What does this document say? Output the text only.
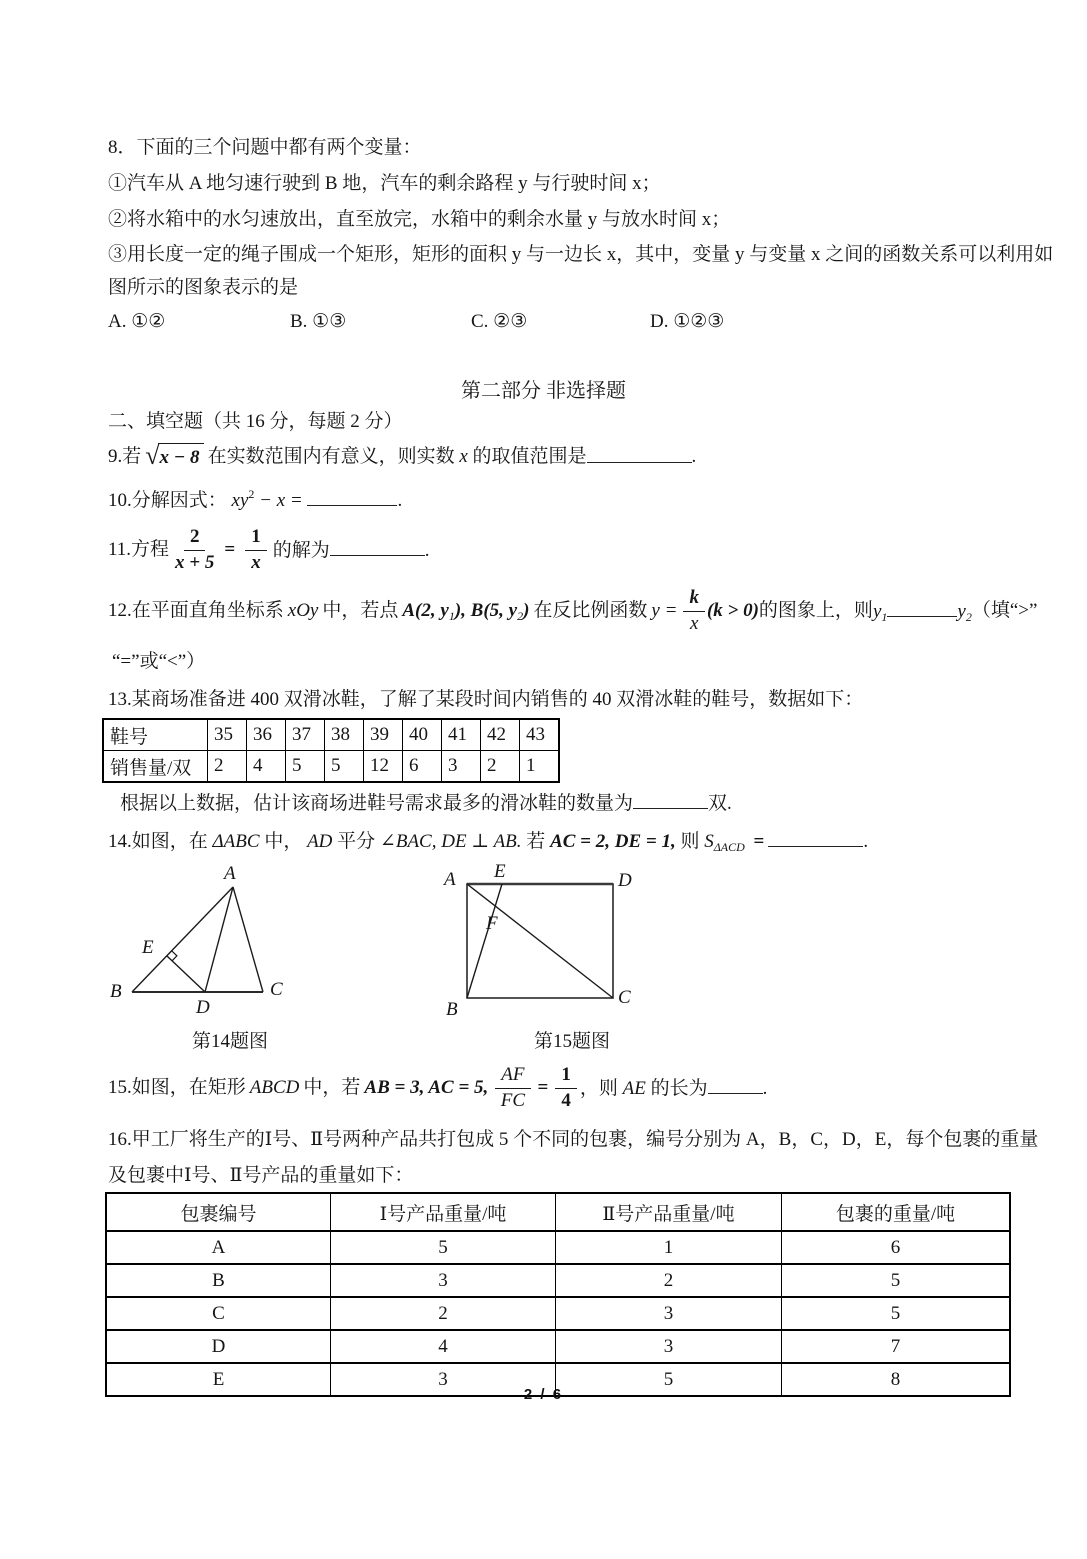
8．下面的三个问题中都有两个变量：
①汽车从 A 地匀速行驶到 B 地，汽车的剩余路程 y 与行驶时间 x；
②将水箱中的水匀速放出，直至放完，水箱中的剩余水量 y 与放水时间 x；
③用长度一定的绳子围成一个矩形，矩形的面积 y 与一边长 x，其中，变量 y 与变量 x 之间的函数关系可以利用如
图所示的图象表示的是
A. ①②	B. ①③	C. ②③	D. ①②③
第二部分 非选择题
二、填空题（共 16 分，每题 2 分）
9.若 √ x − 8 在实数范围内有意义，则实数 x 的取值范围是	.
10.分解因式： $xy^2 - x$ =	.
11.方程 $\frac{2}{x + 5} = \frac{1}{x}$ 的解为	.
12.在平面直角坐标系 xOy 中，若点 A(2, $y_1$), B(5, $y_2$) 在反比例函数 $y = \frac{k}{x} (k > 0)$ 的图象上，则 $y_1$	$y_2$ （填“>”
“=”或“<”）
13.某商场准备进 400 双滑冰鞋，了解了某段时间内销售的 40 双滑冰鞋的鞋号，数据如下：
鞋号	35	36	37	38	39	40	41	42	43
销售量/双	2	4	5	5	12	6	3	2	1
根据以上数据，估计该商场进鞋号需求最多的滑冰鞋的数量为	双.
14.如图，在 ΔABC 中， AD 平分 ∠BAC, DE ⊥ AB. 若 AC = 2, DE = 1, 则 $S_{\Delta ACD}$ =	.
A
B	C
D
E
A E	D
B
C
F
第14题图	第15题图
15.如图，在矩形 ABCD 中，若 AB = 3, AC = 5, $\frac{AF}{FC} = \frac{1}{4}$ ，则 AE 的长为	.
16.甲工厂将生产的Ⅰ号、Ⅱ号两种产品共打包成 5 个不同的包裹，编号分别为 A，B，C，D，E，每个包裹的重量
及包裹中Ⅰ号、Ⅱ号产品的重量如下：
包裹编号	Ⅰ号产品重量/吨	Ⅱ号产品重量/吨	包裹的重量/吨
A	5	1	6
B	3	2	5
C	2	3	5
D	4	3	7
E	3	5	8
2 / 6
